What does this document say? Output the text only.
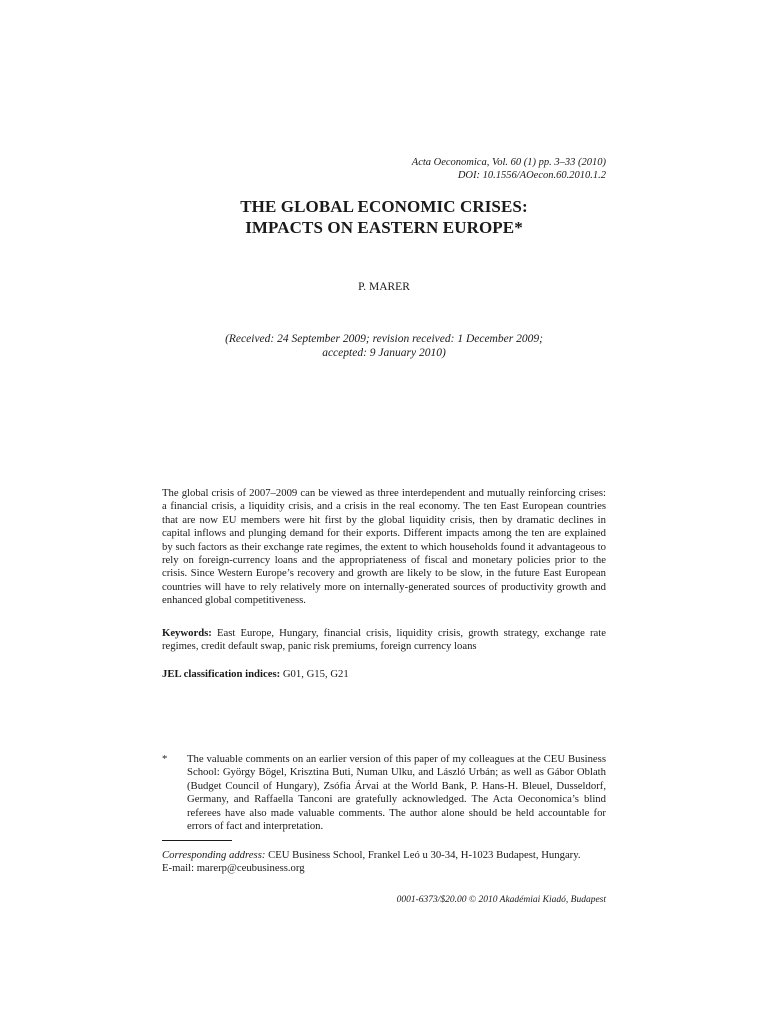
Acta Oeconomica, Vol. 60 (1) pp. 3–33 (2010)
DOI: 10.1556/AOecon.60.2010.1.2
THE GLOBAL ECONOMIC CRISES:
IMPACTS ON EASTERN EUROPE*
P. MARER
(Received: 24 September 2009; revision received: 1 December 2009;
accepted: 9 January 2010)

The global crisis of 2007–2009 can be viewed as three interdependent and mutually reinforcing crises: a financial crisis, a liquidity crisis, and a crisis in the real economy. The ten East European countries that are now EU members were hit first by the global liquidity crisis, then by dramatic declines in capital inflows and plunging demand for their exports. Different impacts among the ten are explained by such factors as their exchange rate regimes, the extent to which households found it advantageous to rely on foreign-currency loans and the appropriateness of fiscal and monetary policies prior to the crisis. Since Western Europe’s recovery and growth are likely to be slow, in the future East European countries will have to rely relatively more on internally-generated sources of productivity growth and enhanced global competitiveness.

Keywords: East Europe, Hungary, financial crisis, liquidity crisis, growth strategy, exchange rate regimes, credit default swap, panic risk premiums, foreign currency loans

JEL classification indices: G01, G15, G21

*	The valuable comments on an earlier version of this paper of my colleagues at the CEU Business School: György Bögel, Krisztina Buti, Numan Ulku, and László Urbán; as well as Gábor Oblath (Budget Council of Hungary), Zsófia Árvai at the World Bank, P. Hans-H. Bleuel, Dusseldorf, Germany, and Raffaella Tanconi are gratefully acknowledged. The Acta Oeconomica’s blind referees have also made valuable comments. The author alone should be held accountable for errors of fact and interpretation.
Corresponding address: CEU Business School, Frankel Leó u 30-34, H-1023 Budapest, Hungary.
E-mail: marerp@ceubusiness.org
0001-6373/$20.00 © 2010 Akadémiai Kiadó, Budapest
